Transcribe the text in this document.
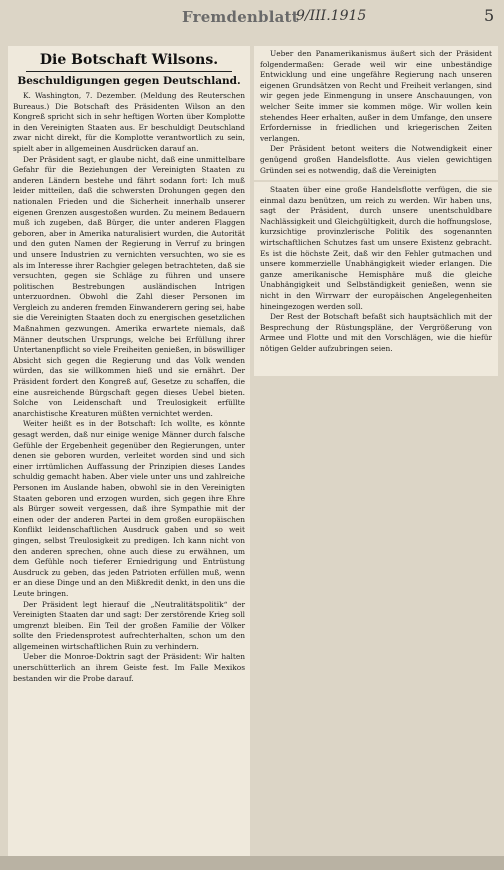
Fremdenblatt
9/III.1915	5
Die Botschaft Wilsons.
Beschuldigungen gegen Deutschland.

K. Washington, 7. Dezember. (Meldung des Reuterschen Bureaus.) Die Botschaft des Präsidenten Wilson an den Kongreß spricht sich in sehr heftigen Worten über Komplotte in den Vereinigten Staaten aus. Er beschuldigt Deutschland zwar nicht direkt, für die Komplotte verantwortlich zu sein, spielt aber in allgemeinen Ausdrücken darauf an.

Der Präsident sagt, er glaube nicht, daß eine unmittelbare Gefahr für die Beziehungen der Vereinigten Staaten zu anderen Ländern bestehe und fährt sodann fort: Ich muß leider mitteilen, daß die schwersten Drohungen gegen den nationalen Frieden und die Sicherheit innerhalb unserer eigenen Grenzen ausgestoßen wurden. Zu meinem Bedauern muß ich zugeben, daß Bürger, die unter anderen Flaggen geboren, aber in Amerika naturalisiert wurden, die Autorität und den guten Namen der Regierung in Verruf zu bringen und unsere Industrien zu vernichten versuchten, wo sie es als im Interesse ihrer Rachgier gelegen betrachteten, daß sie versuchten, gegen sie Schläge zu führen und unsere politischen Bestrebungen ausländischen Intrigen unterzuordnen. Obwohl die Zahl dieser Personen im Vergleich zu anderen fremden Einwanderern gering sei, habe sie die Vereinigten Staaten doch zu energischen gesetzlichen Maßnahmen gezwungen. Amerika erwartete niemals, daß Männer deutschen Ursprungs, welche bei Erfüllung ihrer Untertanenpflicht so viele Freiheiten genießen, in böswilliger Absicht sich gegen die Regierung und das Volk wenden würden, das sie willkommen hieß und sie ernährt. Der Präsident fordert den Kongreß auf, Gesetze zu schaffen, die eine ausreichende Bürgschaft gegen dieses Uebel bieten. Solche von Leidenschaft und Treulosigkeit erfüllte anarchistische Kreaturen müßten vernichtet werden.

Weiter heißt es in der Botschaft: Ich wollte, es könnte gesagt werden, daß nur einige wenige Männer durch falsche Gefühle der Ergebenheit gegenüber den Regierungen, unter denen sie geboren wurden, verleitet worden sind und sich einer irrtümlichen Auffassung der Prinzipien dieses Landes schuldig gemacht haben. Aber viele unter uns und zahlreiche Personen im Auslande haben, obwohl sie in den Vereinigten Staaten geboren und erzogen wurden, sich gegen ihre Ehre als Bürger soweit vergessen, daß ihre Sympathie mit der einen oder der anderen Partei in dem großen europäischen Konflikt leidenschaftlichen Ausdruck gaben und so weit gingen, selbst Treulosigkeit zu predigen. Ich kann nicht von den anderen sprechen, ohne auch diese zu erwähnen, um dem Gefühle noch tieferer Erniedrigung und Entrüstung Ausdruck zu geben, das jeden Patrioten erfüllen muß, wenn er an diese Dinge und an den Mißkredit denkt, in den uns die Leute bringen.

Der Präsident legt hierauf die „Neutralitätspolitik“ der Vereinigten Staaten dar und sagt: Der zerstörende Krieg soll umgrenzt bleiben. Ein Teil der großen Familie der Völker sollte den Friedensprotest aufrechterhalten, schon um den allgemeinen wirtschaftlichen Ruin zu verhindern.

Ueber die Monroe-Doktrin sagt der Präsident: Wir halten unerschütterlich an ihrem Geiste fest. Im Falle Mexikos bestanden wir die Probe darauf.

Ueber den Panamerikanismus äußert sich der Präsident folgendermaßen: Gerade weil wir eine unbeständige Entwicklung und eine ungefähre Regierung nach unseren eigenen Grundsätzen von Recht und Freiheit verlangen, sind wir gegen jede Einmengung in unsere Anschauungen, von welcher Seite immer sie kommen möge. Wir wollen kein stehendes Heer erhalten, außer in dem Umfange, den unsere Erfordernisse in friedlichen und kriegerischen Zeiten verlangen.

Der Präsident betont weiters die Notwendigkeit einer genügend großen Handelsflotte. Aus vielen gewichtigen Gründen sei es notwendig, daß die Vereinigten

Staaten über eine große Handelsflotte verfügen, die sie einmal dazu benützen, um reich zu werden. Wir haben uns, sagt der Präsident, durch unsere unentschuldbare Nachlässigkeit und Gleichgültigkeit, durch die hoffnungslose, kurzsichtige provinzlerische Politik des sogenannten wirtschaftlichen Schutzes fast um unsere Existenz gebracht. Es ist die höchste Zeit, daß wir den Fehler gutmachen und unsere kommerzielle Unabhängigkeit wieder erlangen. Die ganze amerikanische Hemisphäre muß die gleiche Unabhängigkeit und Selbständigkeit genießen, wenn sie nicht in den Wirrwarr der europäischen Angelegenheiten hineingezogen werden soll.

Der Rest der Botschaft befaßt sich hauptsächlich mit der Besprechung der Rüstungspläne, der Vergrößerung von Armee und Flotte und mit den Vorschlägen, wie die hiefür nötigen Gelder aufzubringen seien.
